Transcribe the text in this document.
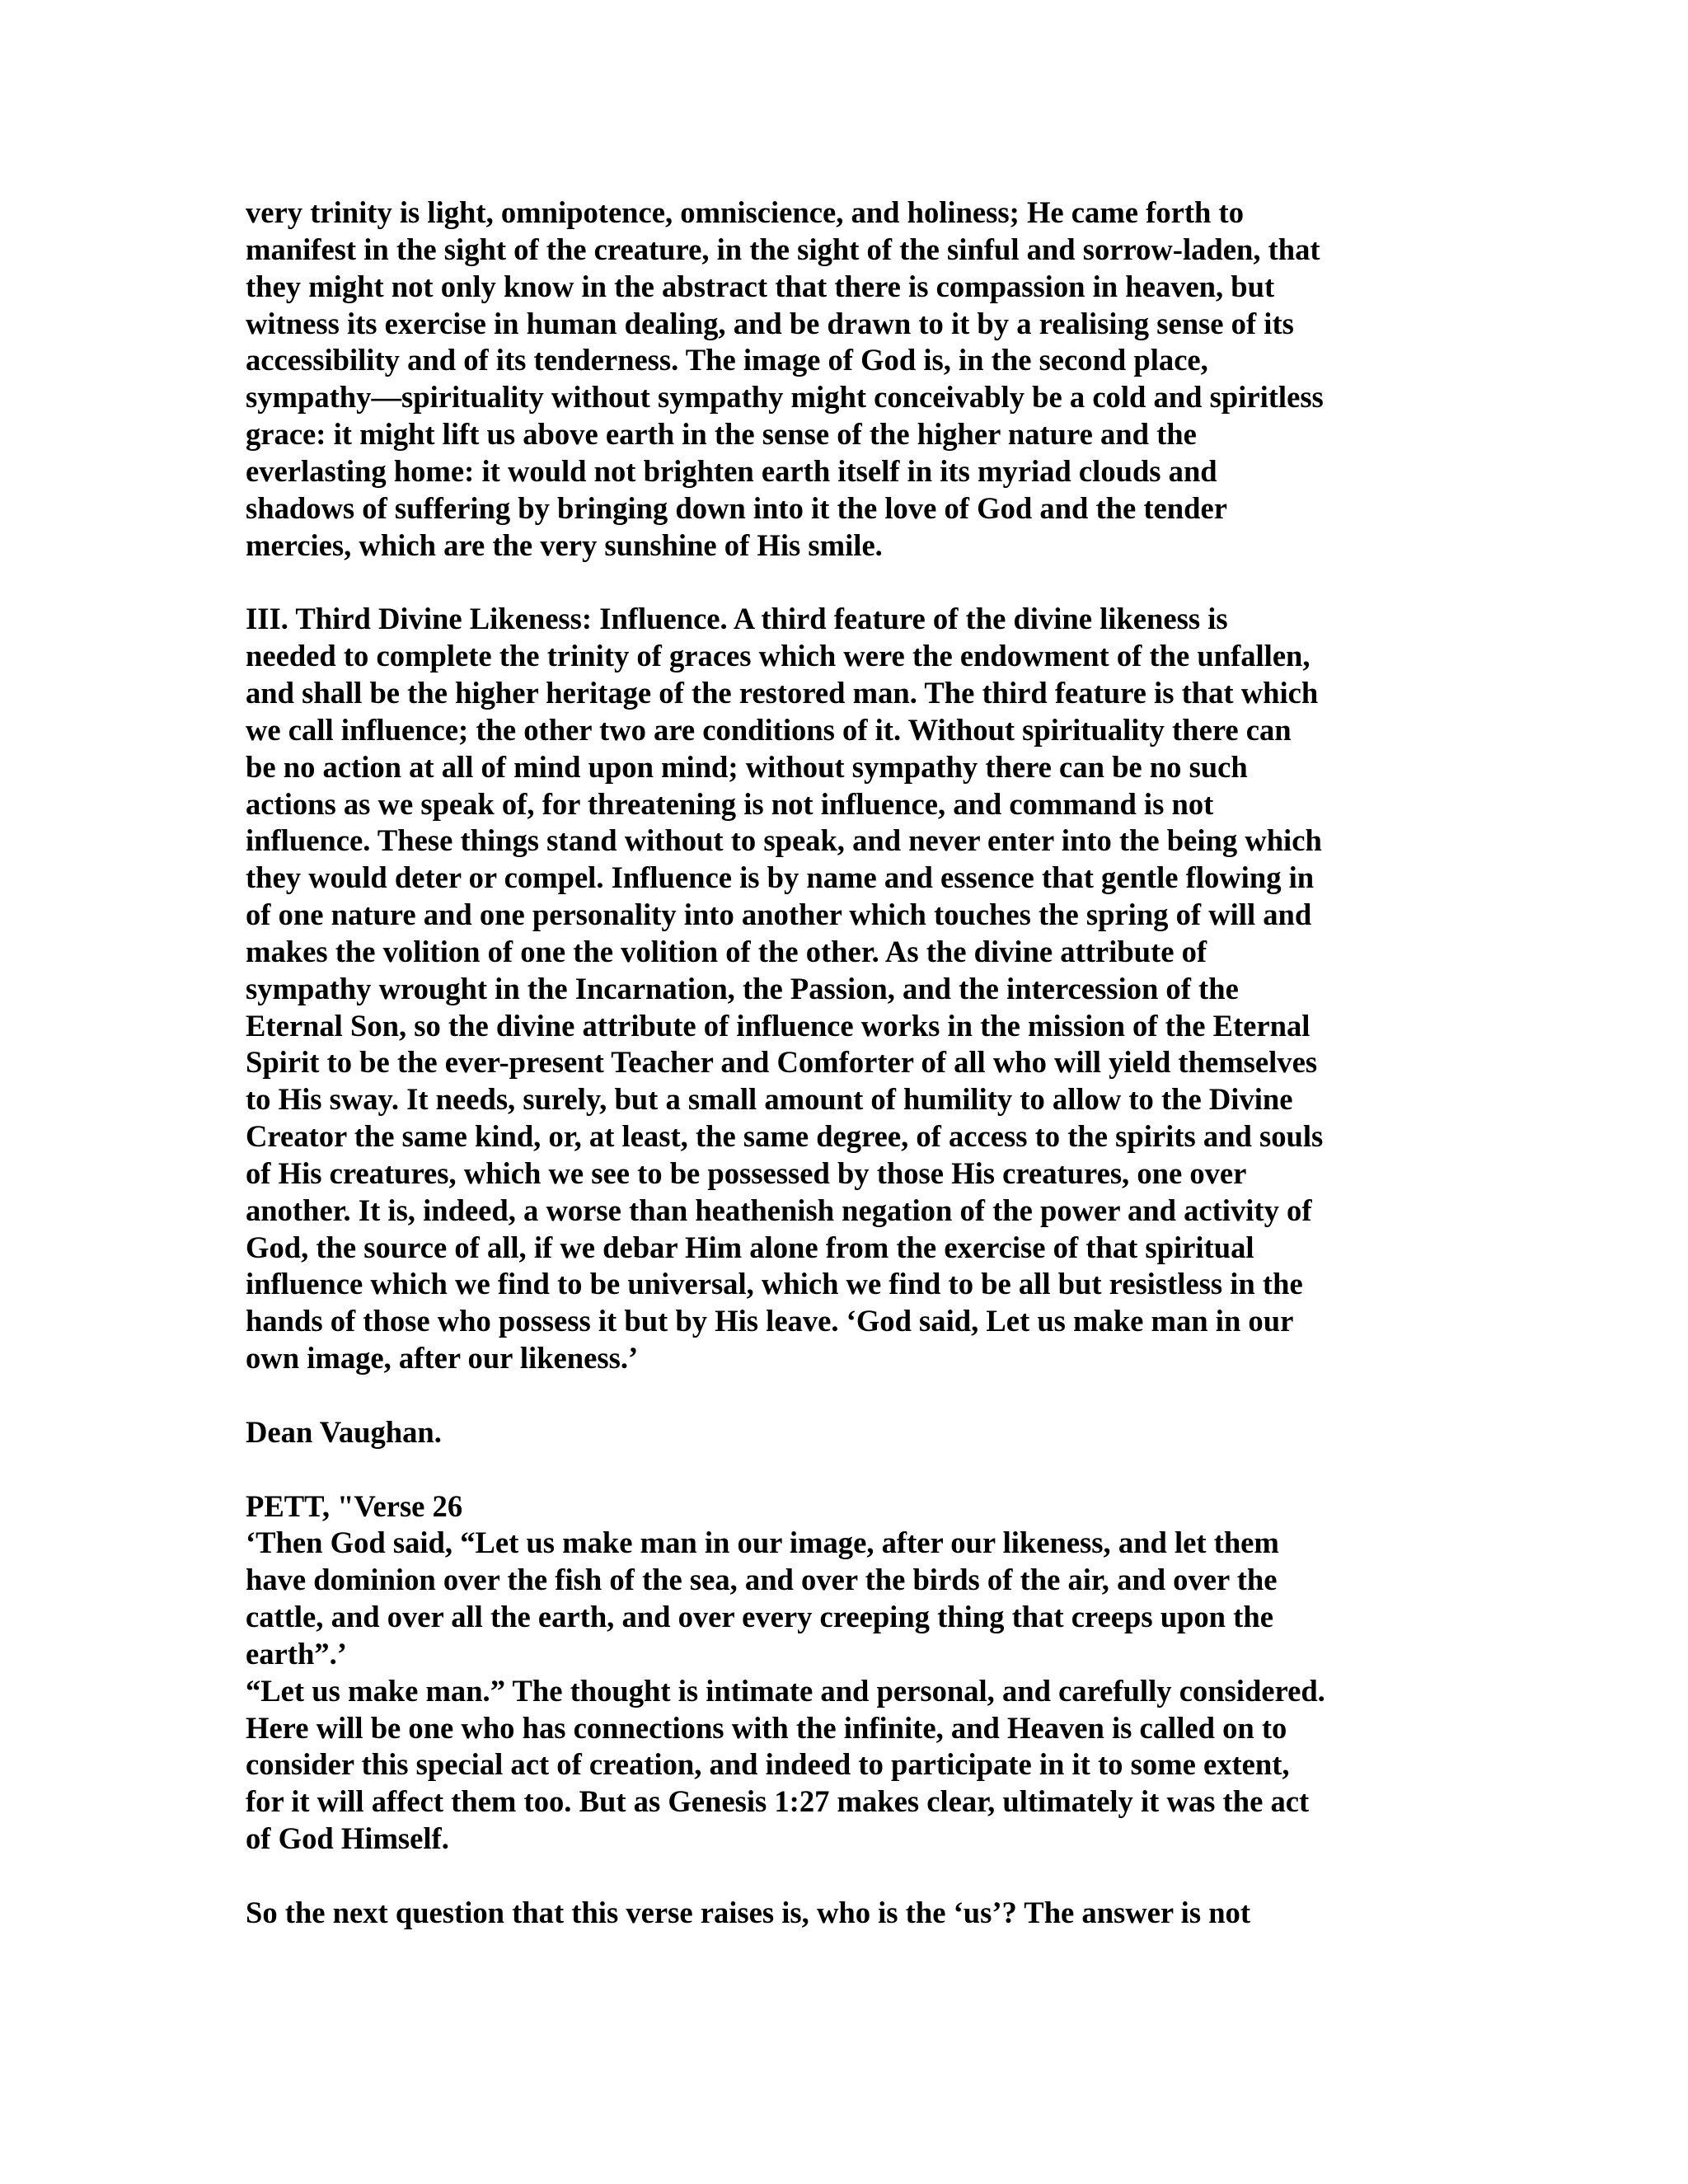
very trinity is light, omnipotence, omniscience, and holiness; He came forth to
manifest in the sight of the creature, in the sight of the sinful and sorrow-laden, that
they might not only know in the abstract that there is compassion in heaven, but
witness its exercise in human dealing, and be drawn to it by a realising sense of its
accessibility and of its tenderness. The image of God is, in the second place,
sympathy—spirituality without sympathy might conceivably be a cold and spiritless
grace: it might lift us above earth in the sense of the higher nature and the
everlasting home: it would not brighten earth itself in its myriad clouds and
shadows of suffering by bringing down into it the love of God and the tender
mercies, which are the very sunshine of His smile.
III. Third Divine Likeness: Influence. A third feature of the divine likeness is
needed to complete the trinity of graces which were the endowment of the unfallen,
and shall be the higher heritage of the restored man. The third feature is that which
we call influence; the other two are conditions of it. Without spirituality there can
be no action at all of mind upon mind; without sympathy there can be no such
actions as we speak of, for threatening is not influence, and command is not
influence. These things stand without to speak, and never enter into the being which
they would deter or compel. Influence is by name and essence that gentle flowing in
of one nature and one personality into another which touches the spring of will and
makes the volition of one the volition of the other. As the divine attribute of
sympathy wrought in the Incarnation, the Passion, and the intercession of the
Eternal Son, so the divine attribute of influence works in the mission of the Eternal
Spirit to be the ever-present Teacher and Comforter of all who will yield themselves
to His sway. It needs, surely, but a small amount of humility to allow to the Divine
Creator the same kind, or, at least, the same degree, of access to the spirits and souls
of His creatures, which we see to be possessed by those His creatures, one over
another. It is, indeed, a worse than heathenish negation of the power and activity of
God, the source of all, if we debar Him alone from the exercise of that spiritual
influence which we find to be universal, which we find to be all but resistless in the
hands of those who possess it but by His leave. ‘God said, Let us make man in our
own image, after our likeness.’
Dean Vaughan.
PETT, "Verse 26
‘Then God said, “Let us make man in our image, after our likeness, and let them
have dominion over the fish of the sea, and over the birds of the air, and over the
cattle, and over all the earth, and over every creeping thing that creeps upon the
earth”.’
“Let us make man.” The thought is intimate and personal, and carefully considered.
Here will be one who has connections with the infinite, and Heaven is called on to
consider this special act of creation, and indeed to participate in it to some extent,
for it will affect them too. But as Genesis 1:27 makes clear, ultimately it was the act
of God Himself.
So the next question that this verse raises is, who is the ‘us’? The answer is not
